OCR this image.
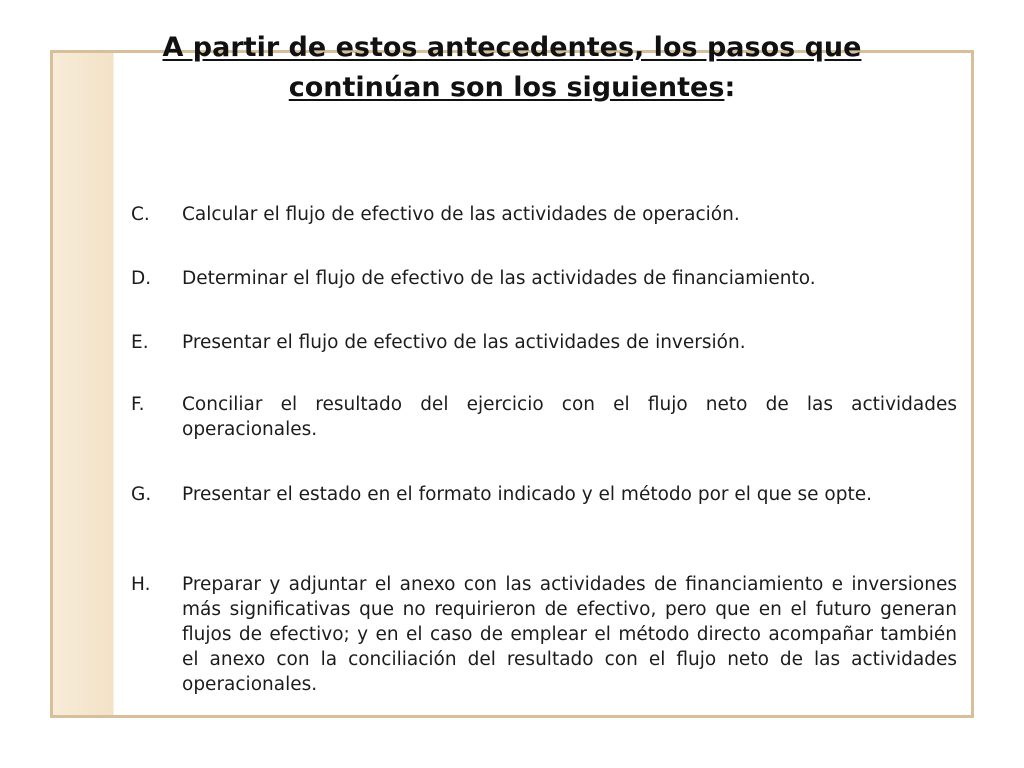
A partir de estos antecedentes, los pasos que
continúan son los siguientes:
C.	Calcular el flujo de efectivo de las actividades de operación.
D.	Determinar el flujo de efectivo de las actividades de financiamiento.
E.	Presentar el flujo de efectivo de las actividades de inversión.
F.	Conciliar el resultado del ejercicio con el flujo neto de las actividades operacionales.
G.	Presentar el estado en el formato indicado y el método por el que se opte.
H.	Preparar y adjuntar el anexo con las actividades de financiamiento e inversiones más significativas que no requirieron de efectivo, pero que en el futuro generan flujos de efectivo; y en el caso de emplear el método directo acompañar también el anexo con la conciliación del resultado con el flujo neto de las actividades operacionales.
